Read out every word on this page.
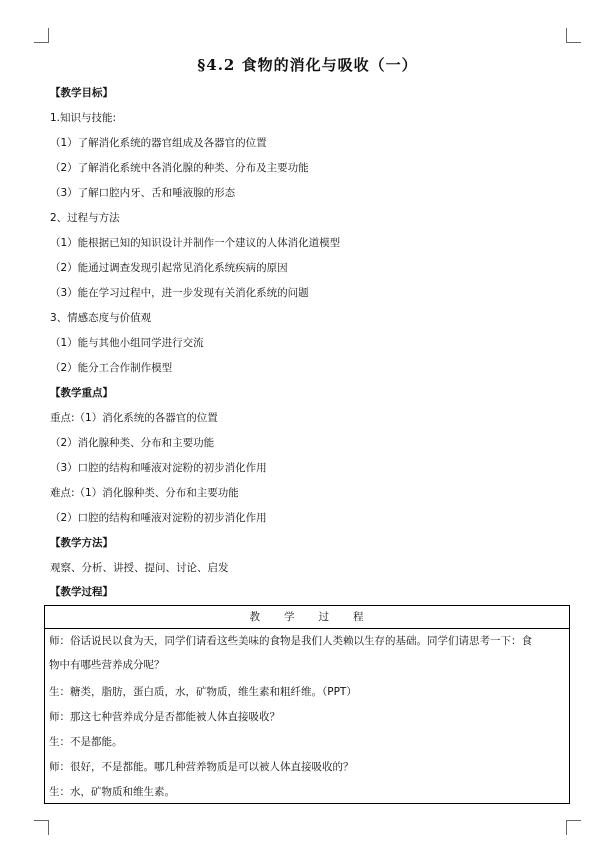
§4.2 食物的消化与吸收（一）
【教学目标】
1.知识与技能:
（1）了解消化系统的器官组成及各器官的位置
（2）了解消化系统中各消化腺的种类、分布及主要功能
（3）了解口腔内牙、舌和唾液腺的形态
2、过程与方法
（1）能根据已知的知识设计并制作一个建议的人体消化道模型
（2）能通过调查发现引起常见消化系统疾病的原因
（3）能在学习过程中，进一步发现有关消化系统的问题
3、情感态度与价值观
（1）能与其他小组同学进行交流
（2）能分工合作制作模型
【教学重点】
重点:（1）消化系统的各器官的位置
（2）消化腺种类、分布和主要功能
（3）口腔的结构和唾液对淀粉的初步消化作用
难点:（1）消化腺种类、分布和主要功能
（2）口腔的结构和唾液对淀粉的初步消化作用
【教学方法】
观察、分析、讲授、提问、讨论、启发
【教学过程】
教　　学　　过　　程
师：俗话说民以食为天，同学们请看这些美味的食物是我们人类赖以生存的基础。同学们请思考一下：食
物中有哪些营养成分呢？
生：糖类，脂肪，蛋白质，水，矿物质，维生素和粗纤维。（PPT）
师：那这七种营养成分是否都能被人体直接吸收？
生：不是都能。
师：很好，不是都能。哪几种营养物质是可以被人体直接吸收的？
生：水，矿物质和维生素。
